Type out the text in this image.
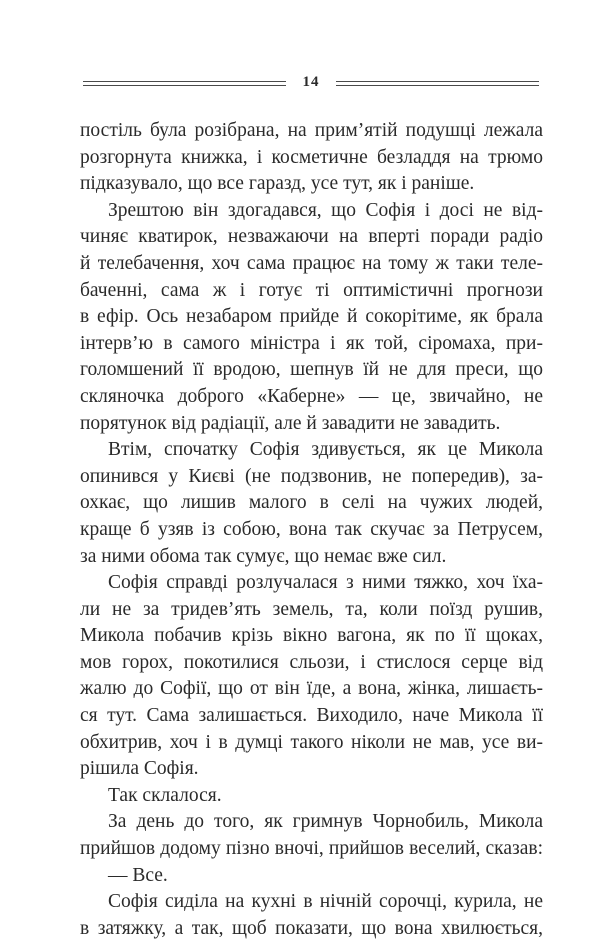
14
постіль була розібрана, на прим’ятій подушці лежала
розгорнута книжка, і косметичне безладдя на трюмо
підказувало, що все гаразд, усе тут, як і раніше.
Зрештою він здогадався, що Софія і досі не від-
чиняє кватирок, незважаючи на вперті поради радіо
й телебачення, хоч сама працює на тому ж таки теле-
баченні, сама ж і готує ті оптимістичні прогнози
в ефір. Ось незабаром прийде й сокорітиме, як брала
інтерв’ю в самого міністра і як той, сіромаха, при-
голомшений її вродою, шепнув їй не для преси, що
скляночка доброго «Каберне» — це, звичайно, не
порятунок від радіації, але й завадити не завадить.
Втім, спочатку Софія здивується, як це Микола
опинився у Києві (не подзвонив, не попередив), за-
охкає, що лишив малого в селі на чужих людей,
краще б узяв із собою, вона так скучає за Петрусем,
за ними обома так сумує, що немає вже сил.
Софія справді розлучалася з ними тяжко, хоч їха-
ли не за тридев’ять земель, та, коли поїзд рушив,
Микола побачив крізь вікно вагона, як по її щоках,
мов горох, покотилися сльози, і стислося серце від
жалю до Софії, що от він їде, а вона, жінка, лишаєть-
ся тут. Сама залишається. Виходило, наче Микола її
обхитрив, хоч і в думці такого ніколи не мав, усе ви-
рішила Софія.
Так склалося.
За день до того, як гримнув Чорнобиль, Микола
прийшов додому пізно вночі, прийшов веселий, сказав:
— Все.
Софія сиділа на кухні в нічній сорочці, курила, не
в затяжку, а так, щоб показати, що вона хвилюється,
